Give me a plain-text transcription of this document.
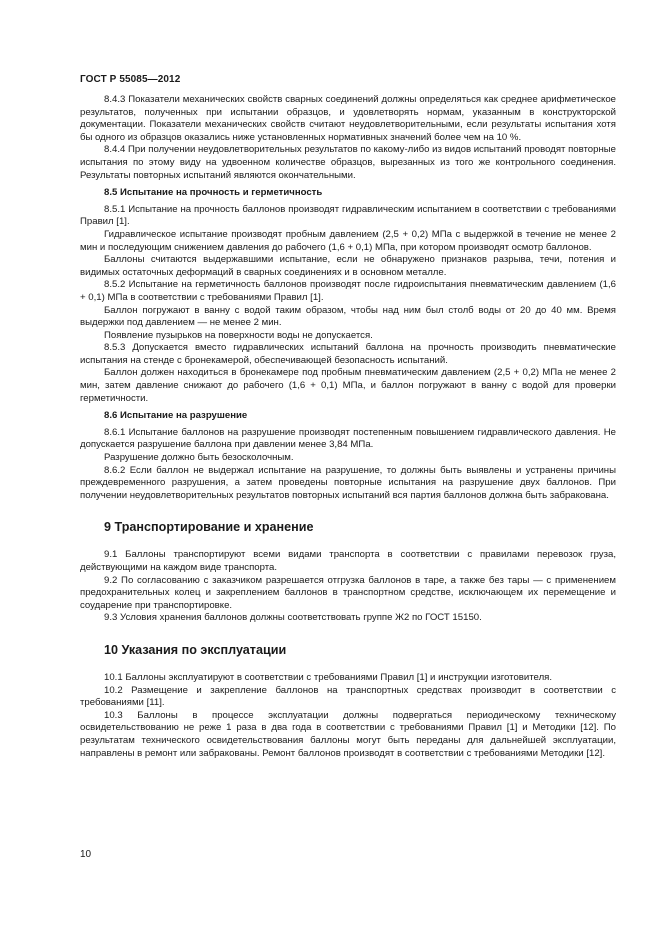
ГОСТ Р 55085—2012

8.4.3 Показатели механических свойств сварных соединений должны определяться как среднее арифметическое результатов, полученных при испытании образцов, и удовлетворять нормам, указанным в конструкторской документации. Показатели механических свойств считают неудовлетворительными, если результаты испытания хотя бы одного из образцов оказались ниже установленных нормативных значений более чем на 10 %.

8.4.4 При получении неудовлетворительных результатов по какому-либо из видов испытаний проводят повторные испытания по этому виду на удвоенном количестве образцов, вырезанных из того же контрольного соединения. Результаты повторных испытаний являются окончательными.

8.5 Испытание на прочность и герметичность

8.5.1 Испытание на прочность баллонов производят гидравлическим испытанием в соответствии с требованиями Правил [1].

Гидравлическое испытание производят пробным давлением (2,5 + 0,2) МПа с выдержкой в течение не менее 2 мин и последующим снижением давления до рабочего (1,6 + 0,1) МПа, при котором производят осмотр баллонов.

Баллоны считаются выдержавшими испытание, если не обнаружено признаков разрыва, течи, потения и видимых остаточных деформаций в сварных соединениях и в основном металле.

8.5.2 Испытание на герметичность баллонов производят после гидроиспытания пневматическим давлением (1,6 + 0,1) МПа в соответствии с требованиями Правил [1].

Баллон погружают в ванну с водой таким образом, чтобы над ним был столб воды от 20 до 40 мм. Время выдержки под давлением — не менее 2 мин.

Появление пузырьков на поверхности воды не допускается.

8.5.3 Допускается вместо гидравлических испытаний баллона на прочность производить пневматические испытания на стенде с бронекамерой, обеспечивающей безопасность испытаний.

Баллон должен находиться в бронекамере под пробным пневматическим давлением (2,5 + 0,2) МПа не менее 2 мин, затем давление снижают до рабочего (1,6 + 0,1) МПа, и баллон погружают в ванну с водой для проверки герметичности.

8.6 Испытание на разрушение

8.6.1 Испытание баллонов на разрушение производят постепенным повышением гидравлического давления. Не допускается разрушение баллона при давлении менее 3,84 МПа.

Разрушение должно быть безосколочным.

8.6.2 Если баллон не выдержал испытание на разрушение, то должны быть выявлены и устранены причины преждевременного разрушения, а затем проведены повторные испытания на разрушение двух баллонов. При получении неудовлетворительных результатов повторных испытаний вся партия баллонов должна быть забракована.

9 Транспортирование и хранение

9.1 Баллоны транспортируют всеми видами транспорта в соответствии с правилами перевозок груза, действующими на каждом виде транспорта.

9.2 По согласованию с заказчиком разрешается отгрузка баллонов в таре, а также без тары — с применением предохранительных колец и закреплением баллонов в транспортном средстве, исключающем их перемещение и соударение при транспортировке.

9.3 Условия хранения баллонов должны соответствовать группе Ж2 по ГОСТ 15150.

10 Указания по эксплуатации

10.1 Баллоны эксплуатируют в соответствии с требованиями Правил [1] и инструкции изготовителя.

10.2 Размещение и закрепление баллонов на транспортных средствах производит в соответствии с требованиями [11].

10.3 Баллоны в процессе эксплуатации должны подвергаться периодическому техническому освидетельствованию не реже 1 раза в два года в соответствии с требованиями Правил [1] и Методики [12]. По результатам технического освидетельствования баллоны могут быть переданы для дальнейшей эксплуатации, направлены в ремонт или забракованы. Ремонт баллонов производят в соответствии с требованиями Методики [12].

10
